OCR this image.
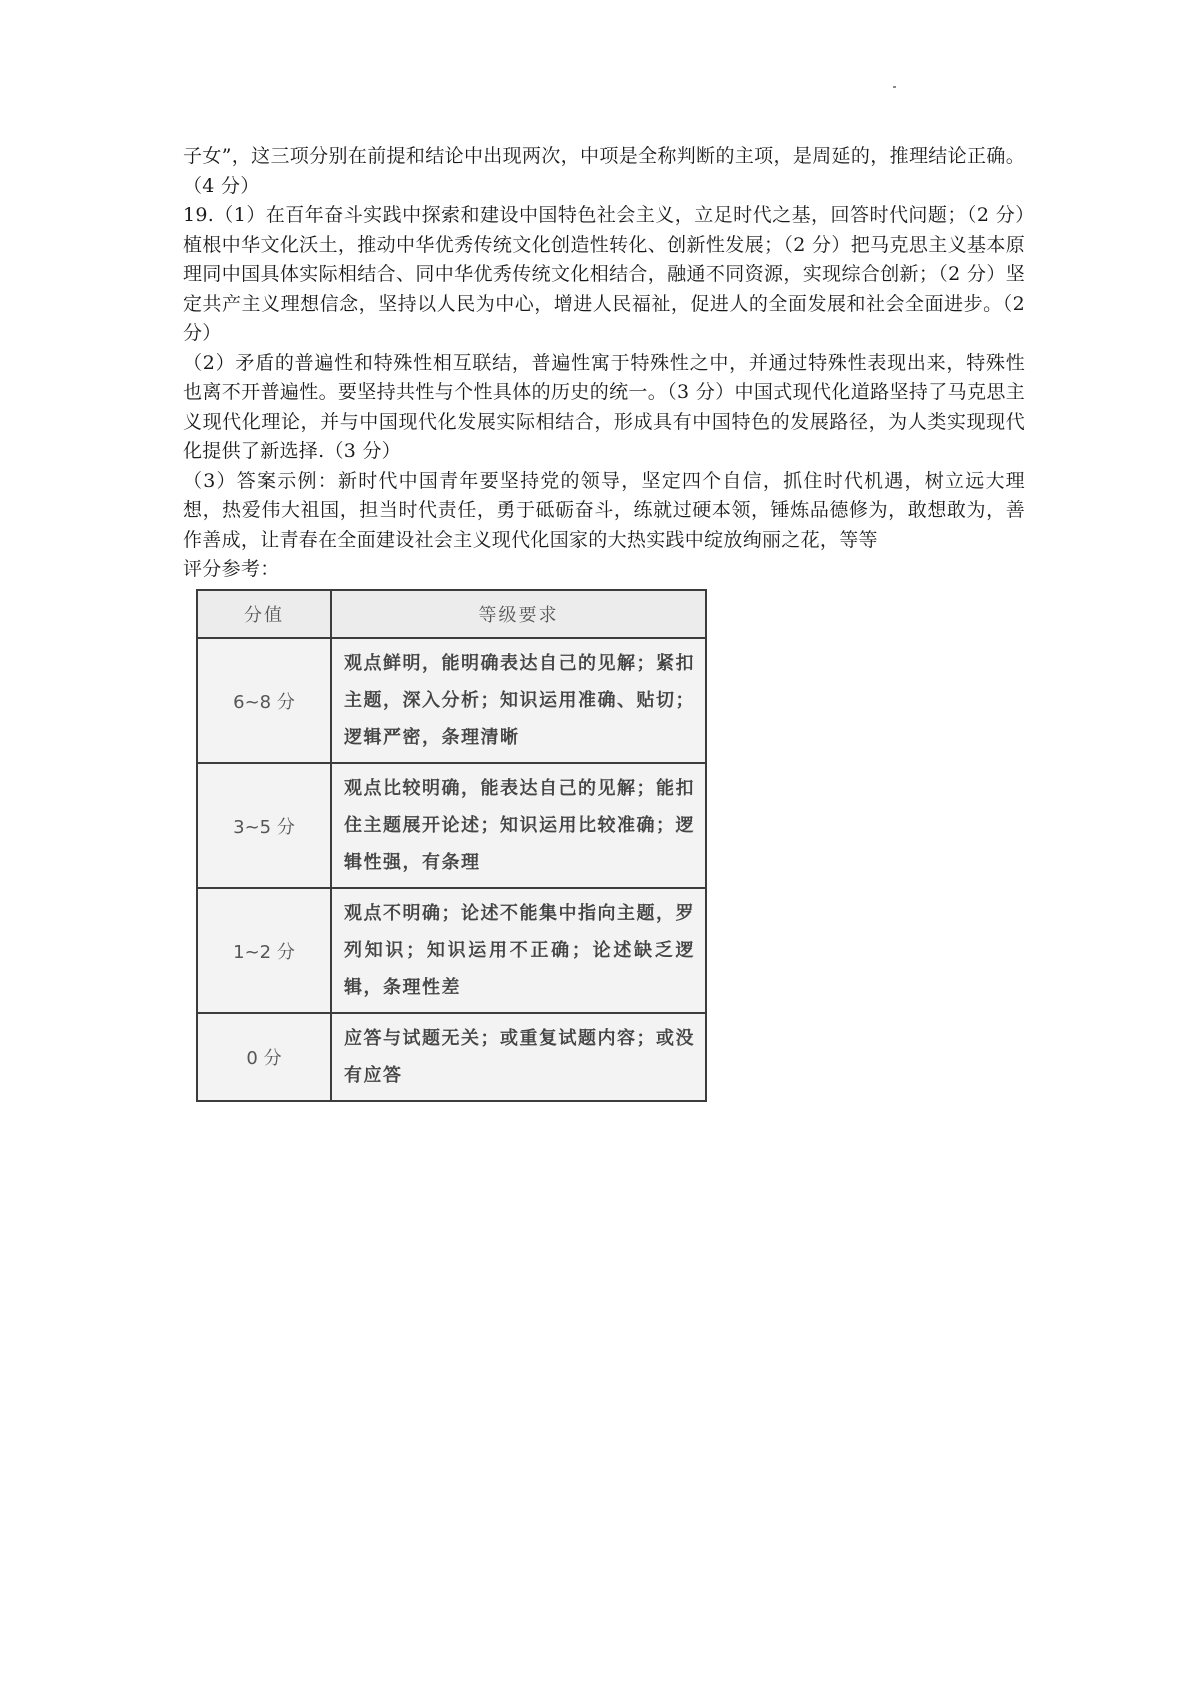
子女”，这三项分别在前提和结论中出现两次，中项是全称判断的主项，是周延的，推理结论正确。（4 分）

19.（1）在百年奋斗实践中探索和建设中国特色社会主义，立足时代之基，回答时代问题；（2 分）植根中华文化沃土，推动中华优秀传统文化创造性转化、创新性发展；（2 分）把马克思主义基本原理同中国具体实际相结合、同中华优秀传统文化相结合，融通不同资源，实现综合创新；（2 分）坚定共产主义理想信念，坚持以人民为中心，增进人民福祉，促进人的全面发展和社会全面进步。（2 分）

（2）矛盾的普遍性和特殊性相互联结，普遍性寓于特殊性之中，并通过特殊性表现出来，特殊性也离不开普遍性。要坚持共性与个性具体的历史的统一。（3 分）中国式现代化道路坚持了马克思主义现代化理论，并与中国现代化发展实际相结合，形成具有中国特色的发展路径，为人类实现现代化提供了新选择.（3 分）

（3）答案示例：新时代中国青年要坚持党的领导，坚定四个自信，抓住时代机遇，树立远大理想，热爱伟大祖国，担当时代责任，勇于砥砺奋斗，练就过硬本领，锤炼品德修为，敢想敢为，善作善成，让青春在全面建设社会主义现代化国家的大热实践中绽放绚丽之花，等等

评分参考：

分值	等级要求
6~8 分	观点鲜明，能明确表达自己的见解；紧扣主题，深入分析；知识运用准确、贴切；逻辑严密，条理清晰
3~5 分	观点比较明确，能表达自己的见解；能扣住主题展开论述；知识运用比较准确；逻辑性强，有条理
1~2 分	观点不明确；论述不能集中指向主题，罗列知识；知识运用不正确；论述缺乏逻辑，条理性差
0 分	应答与试题无关；或重复试题内容；或没有应答
